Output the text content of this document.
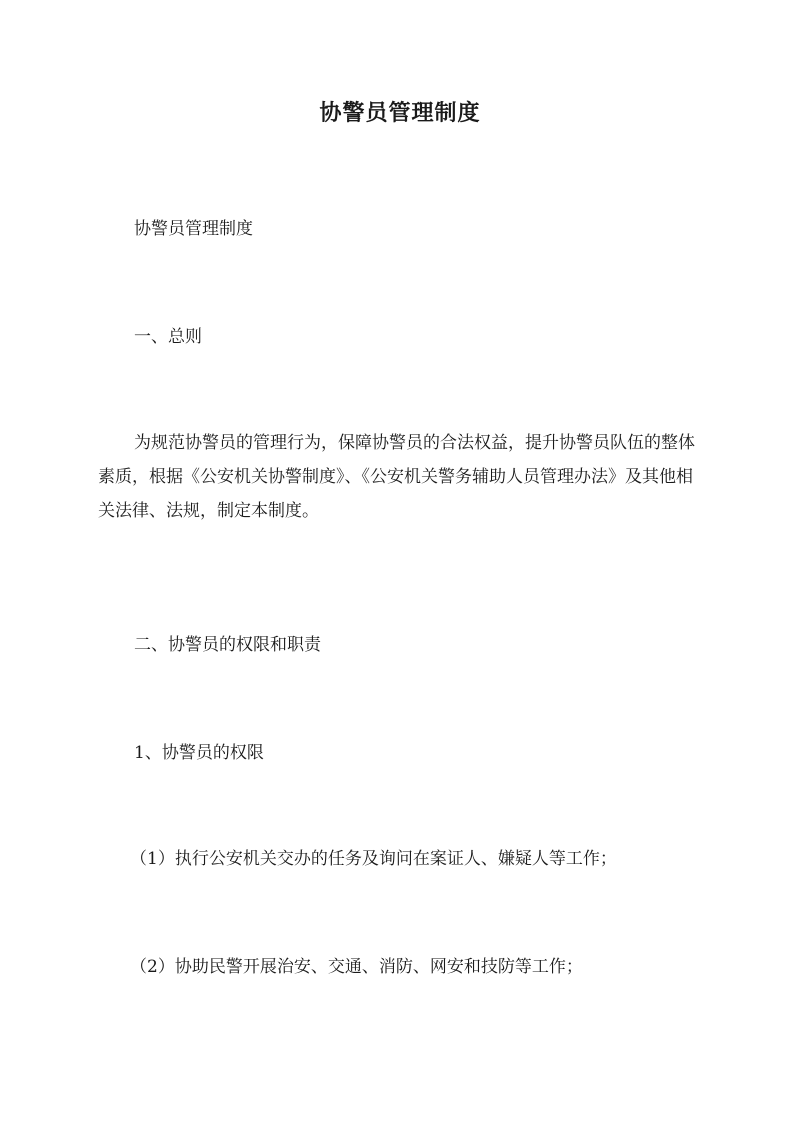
协警员管理制度

协警员管理制度

一、总则

为规范协警员的管理行为，保障协警员的合法权益，提升协警员队伍的整体素质，根据《公安机关协警制度》、《公安机关警务辅助人员管理办法》及其他相关法律、法规，制定本制度。

二、协警员的权限和职责

1、协警员的权限

（1）执行公安机关交办的任务及询问在案证人、嫌疑人等工作；

（2）协助民警开展治安、交通、消防、网安和技防等工作；
